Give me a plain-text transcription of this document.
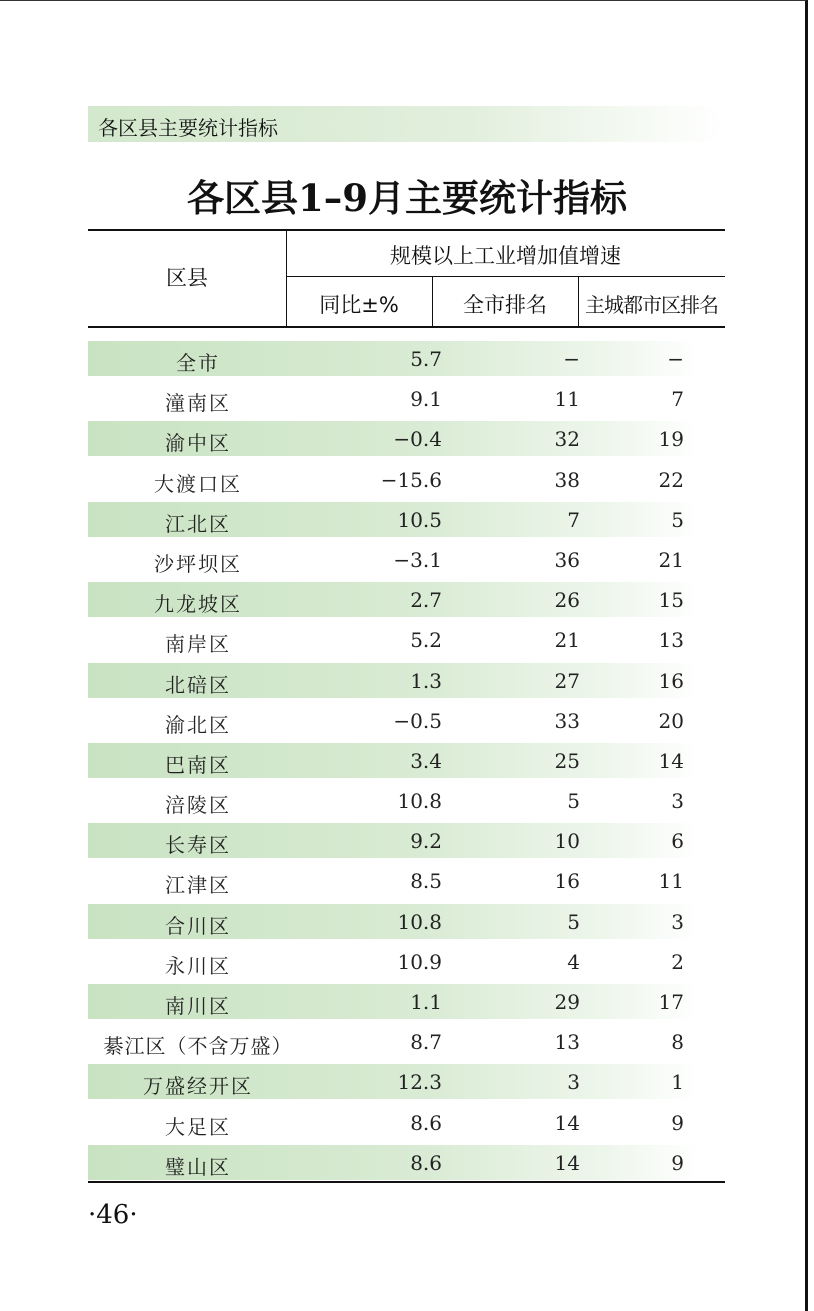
各区县主要统计指标
各区县1–9月主要统计指标
区县
规模以上工业增加值增速
同比±%	全市排名	主城都市区排名
全市	5.7	−	−
潼南区	9.1	11	7
渝中区	−0.4	32	19
大渡口区	−15.6	38	22
江北区	10.5	7	5
沙坪坝区	−3.1	36	21
九龙坡区	2.7	26	15
南岸区	5.2	21	13
北碚区	1.3	27	16
渝北区	−0.5	33	20
巴南区	3.4	25	14
涪陵区	10.8	5	3
长寿区	9.2	10	6
江津区	8.5	16	11
合川区	10.8	5	3
永川区	10.9	4	2
南川区	1.1	29	17
綦江区（不含万盛）	8.7	13	8
万盛经开区	12.3	3	1
大足区	8.6	14	9
璧山区	8.6	14	9
·46·
